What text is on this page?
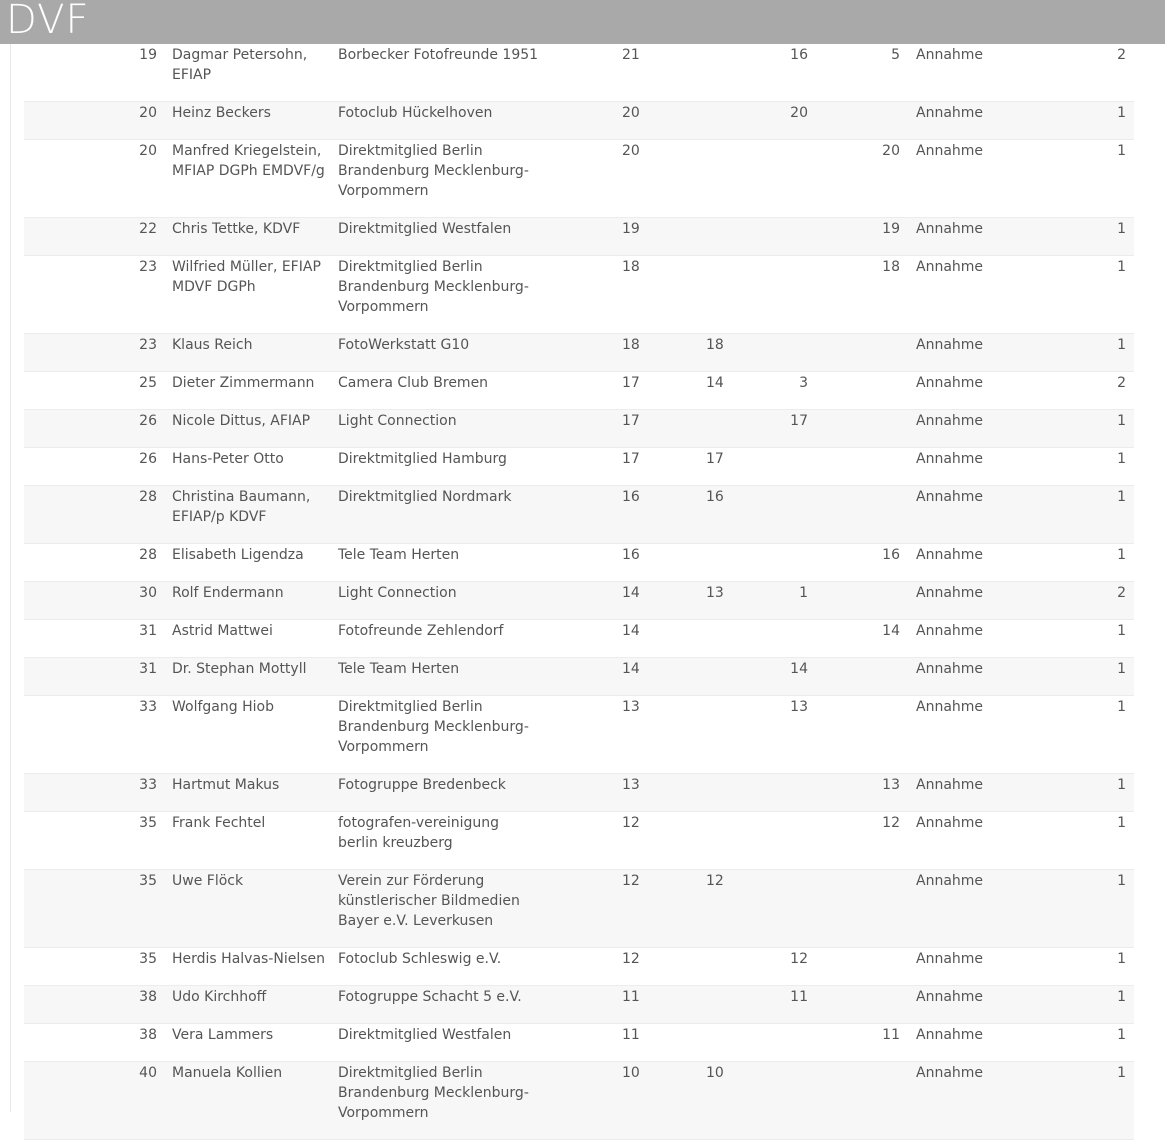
DVF
19	Dagmar Petersohn, EFIAP	Borbecker Fotofreunde 1951	21		16	5	Annahme	2
20	Heinz Beckers	Fotoclub Hückelhoven	20		20		Annahme	1
20	Manfred Kriegelstein, MFIAP DGPh EMDVF/g	Direktmitglied Berlin Brandenburg Mecklenburg-Vorpommern	20			20	Annahme	1
22	Chris Tettke, KDVF	Direktmitglied Westfalen	19			19	Annahme	1
23	Wilfried Müller, EFIAP MDVF DGPh	Direktmitglied Berlin Brandenburg Mecklenburg-Vorpommern	18			18	Annahme	1
23	Klaus Reich	FotoWerkstatt G10	18	18			Annahme	1
25	Dieter Zimmermann	Camera Club Bremen	17	14	3		Annahme	2
26	Nicole Dittus, AFIAP	Light Connection	17		17		Annahme	1
26	Hans-Peter Otto	Direktmitglied Hamburg	17	17			Annahme	1
28	Christina Baumann, EFIAP/p KDVF	Direktmitglied Nordmark	16	16			Annahme	1
28	Elisabeth Ligendza	Tele Team Herten	16			16	Annahme	1
30	Rolf Endermann	Light Connection	14	13	1		Annahme	2
31	Astrid Mattwei	Fotofreunde Zehlendorf	14			14	Annahme	1
31	Dr. Stephan Mottyll	Tele Team Herten	14		14		Annahme	1
33	Wolfgang Hiob	Direktmitglied Berlin Brandenburg Mecklenburg-Vorpommern	13		13		Annahme	1
33	Hartmut Makus	Fotogruppe Bredenbeck	13			13	Annahme	1
35	Frank Fechtel	fotografen-vereinigung berlin kreuzberg	12			12	Annahme	1
35	Uwe Flöck	Verein zur Förderung künstlerischer Bildmedien Bayer e.V. Leverkusen	12	12			Annahme	1
35	Herdis Halvas-Nielsen	Fotoclub Schleswig e.V.	12		12		Annahme	1
38	Udo Kirchhoff	Fotogruppe Schacht 5 e.V.	11		11		Annahme	1
38	Vera Lammers	Direktmitglied Westfalen	11			11	Annahme	1
40	Manuela Kollien	Direktmitglied Berlin Brandenburg Mecklenburg-Vorpommern	10	10			Annahme	1
